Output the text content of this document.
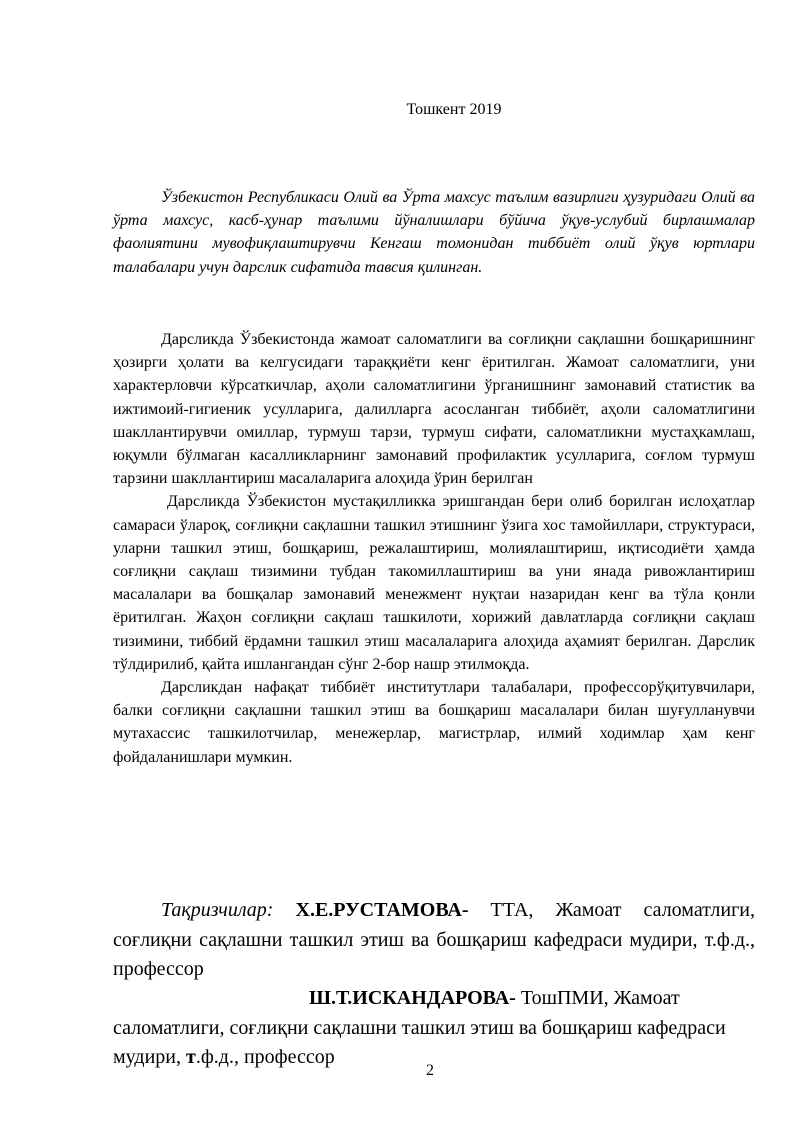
Тошкент 2019

Ўзбекистон Республикаси Олий ва Ўрта махсус таълим вазирлиги ҳузуридаги Олий ва ўрта махсус, касб-ҳунар таълими йўналишлари бўйича ўқув-услубий бирлашмалар фаолиятини мувофиқлаштирувчи Кенгаш томонидан тиббиёт олий ўқув юртлари талабалари учун дарслик сифатида тавсия қилинган.

Дарсликда Ўзбекистонда жамоат саломатлиги ва соғлиқни сақлашни бошқаришнинг ҳозирги ҳолати ва келгусидаги тараққиёти кенг ёритилган. Жамоат саломатлиги, уни характерловчи кўрсаткичлар, аҳоли саломатлигини ўрганишнинг замонавий статистик ва ижтимоий-гигиеник усулларига, далилларга асосланган тиббиёт, аҳоли саломатлигини шакллантирувчи омиллар, турмуш тарзи, турмуш сифати, саломатликни мустаҳкамлаш, юқумли бўлмаган касалликларнинг замонавий профилактик усулларига, соғлом турмуш тарзини шакллантириш масалаларига алоҳида ўрин берилган

Дарсликда Ўзбекистон мустақилликка эришгандан бери олиб борилган ислоҳатлар самараси ўлароқ, соғлиқни сақлашни ташкил этишнинг ўзига хос тамойиллари, структураси, уларни ташкил этиш, бошқариш, режалаштириш, молиялаштириш, иқтисодиёти ҳамда соғлиқни сақлаш тизимини тубдан такомиллаштириш ва уни янада ривожлантириш масалалари ва бошқалар замонавий менежмент нуқтаи назаридан кенг ва тўла қонли ёритилган. Жаҳон соғлиқни сақлаш ташкилоти, хорижий давлатларда соғлиқни сақлаш тизимини, тиббий ёрдамни ташкил этиш масалаларига алоҳида аҳамият берилган. Дарслик тўлдирилиб, қайта ишлангандан сўнг 2-бор нашр этилмоқда.

Дарсликдан нафақат тиббиёт институтлари талабалари, профессорўқитувчилари, балки соғлиқни сақлашни ташкил этиш ва бошқариш масалалари билан шуғулланувчи мутахассис ташкилотчилар, менежерлар, магистрлар, илмий ходимлар ҳам кенг фойдаланишлари мумкин.

Тақризчилар: Х.Е.РУСТАМОВА- ТТА, Жамоат саломатлиги, соғлиқни сақлашни ташкил этиш ва бошқариш кафедраси мудири, т.ф.д., профессор
Ш.Т.ИСКАНДАРОВА- ТошПМИ, Жамоат саломатлиги, соғлиқни сақлашни ташкил этиш ва бошқариш кафедраси мудири, т.ф.д., профессор
2
